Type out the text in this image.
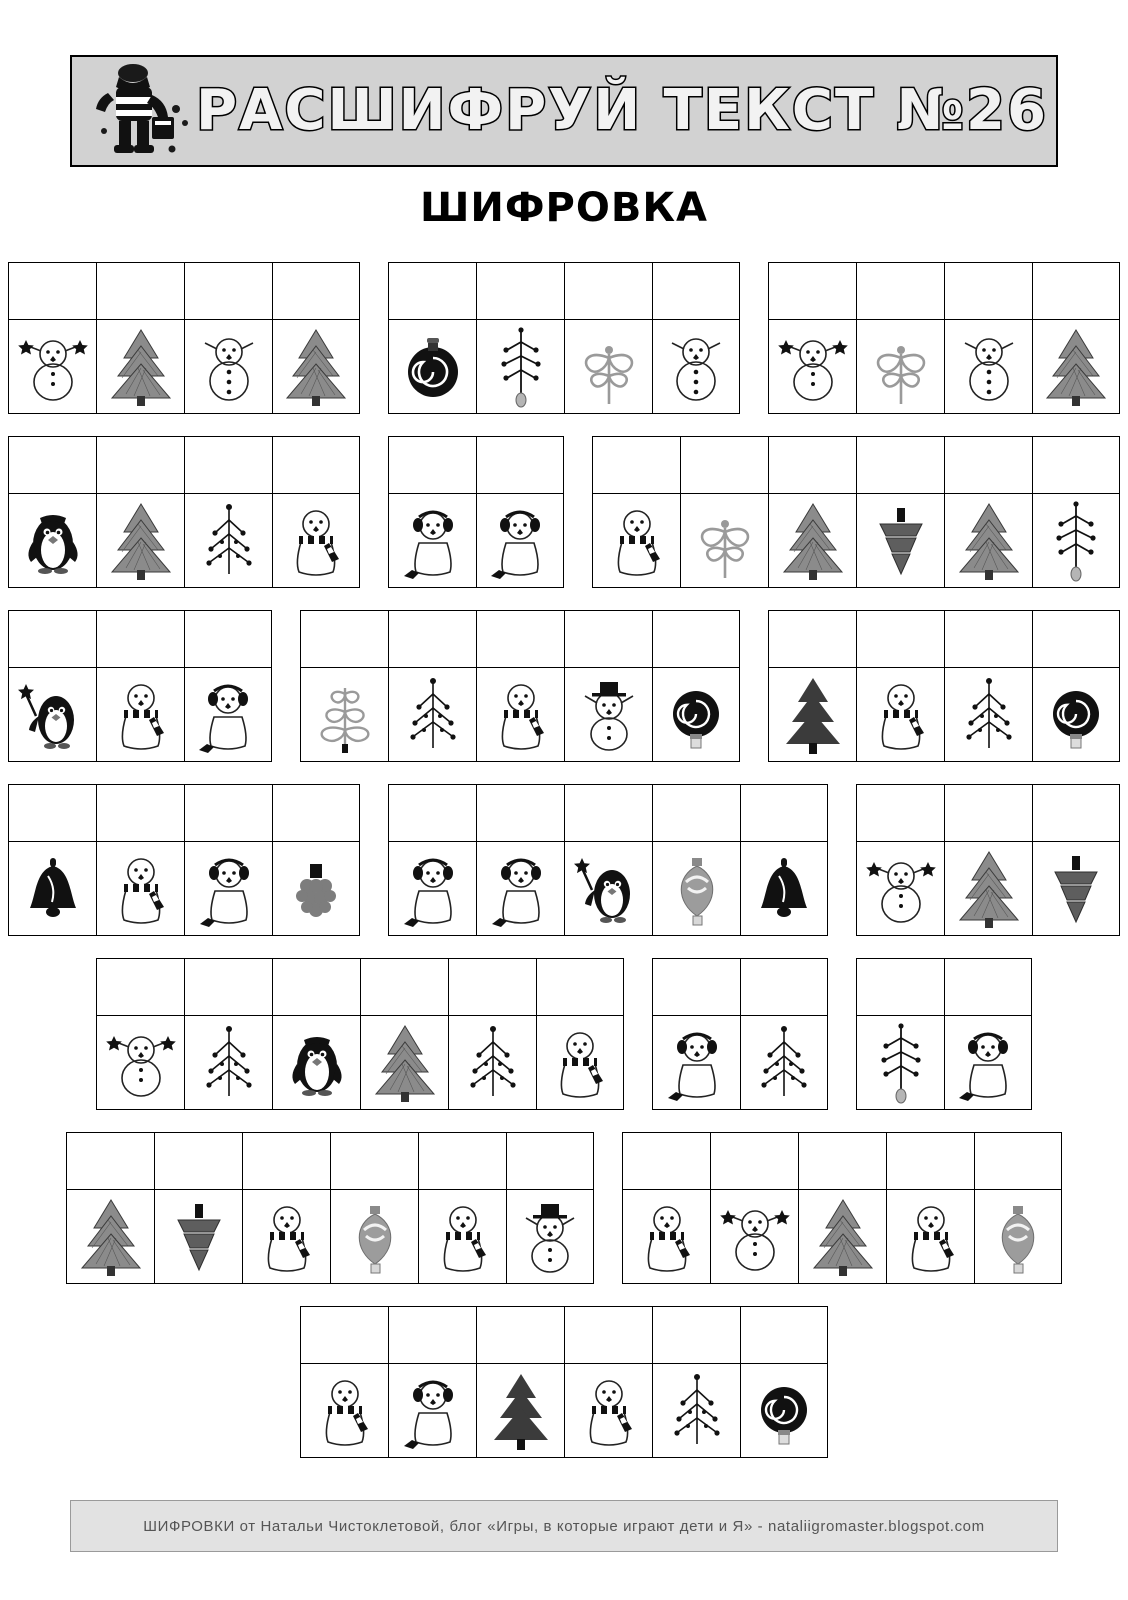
РАСШИФРУЙ ТЕКСТ №26
ШИФРОВКА
ШИФРОВКИ от Натальи Чистоклетовой, блог «Игры, в которые играют дети и Я» - nataliigromaster.blogspot.com
